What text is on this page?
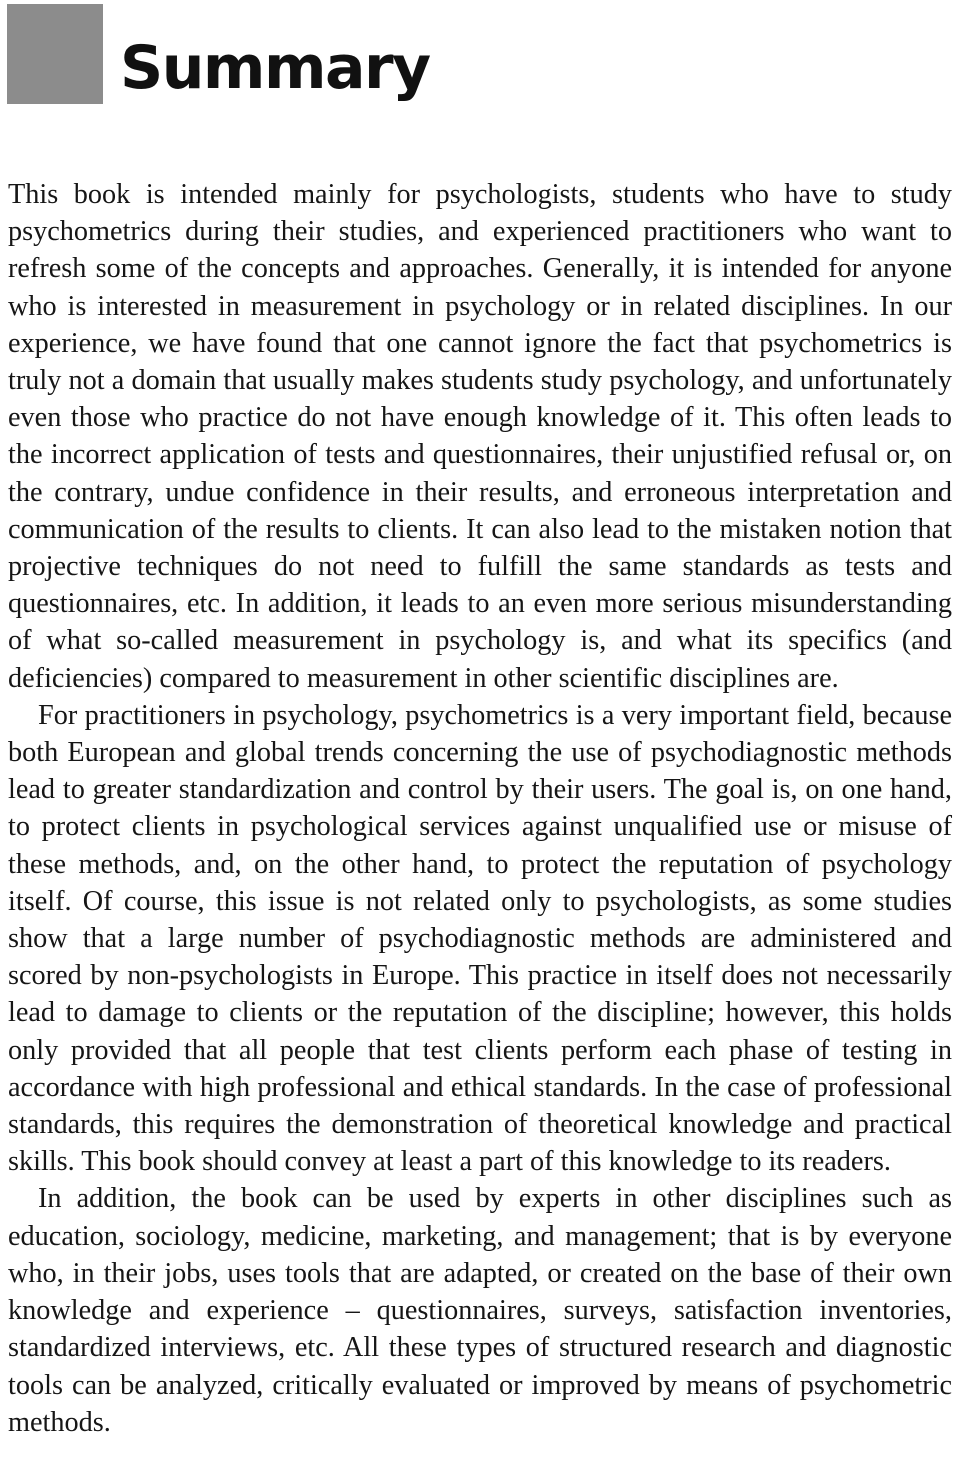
Summary

This book is intended mainly for psychologists, students who have to study psychometrics during their studies, and experienced practitioners who want to refresh some of the concepts and approaches. Generally, it is intended for anyone who is interested in measurement in psychology or in related disciplines. In our experience, we have found that one cannot ignore the fact that psychometrics is truly not a domain that usually makes students study psychology, and unfortunately even those who practice do not have enough knowledge of it. This often leads to the incorrect application of tests and questionnaires, their unjustified refusal or, on the contrary, undue confidence in their results, and erroneous interpretation and communication of the results to clients. It can also lead to the mistaken notion that projective techniques do not need to fulfill the same standards as tests and questionnaires, etc. In addition, it leads to an even more serious misunderstanding of what so-called measurement in psychology is, and what its specifics (and deficiencies) compared to measurement in other scientific disciplines are.

For practitioners in psychology, psychometrics is a very important field, because both European and global trends concerning the use of psychodiagnostic methods lead to greater standardization and control by their users. The goal is, on one hand, to protect clients in psychological services against unqualified use or misuse of these methods, and, on the other hand, to protect the reputation of psychology itself. Of course, this issue is not related only to psychologists, as some studies show that a large number of psychodiagnostic methods are administered and scored by non-psychologists in Europe. This practice in itself does not necessarily lead to damage to clients or the reputation of the discipline; however, this holds only provided that all people that test clients perform each phase of testing in accordance with high professional and ethical standards. In the case of professional standards, this requires the demonstration of theoretical knowledge and practical skills. This book should convey at least a part of this knowledge to its readers.

In addition, the book can be used by experts in other disciplines such as education, sociology, medicine, marketing, and management; that is by everyone who, in their jobs, uses tools that are adapted, or created on the base of their own knowledge and experience – questionnaires, surveys, satisfaction inventories, standardized interviews, etc. All these types of structured research and diagnostic tools can be analyzed, critically evaluated or improved by means of psychometric methods.
